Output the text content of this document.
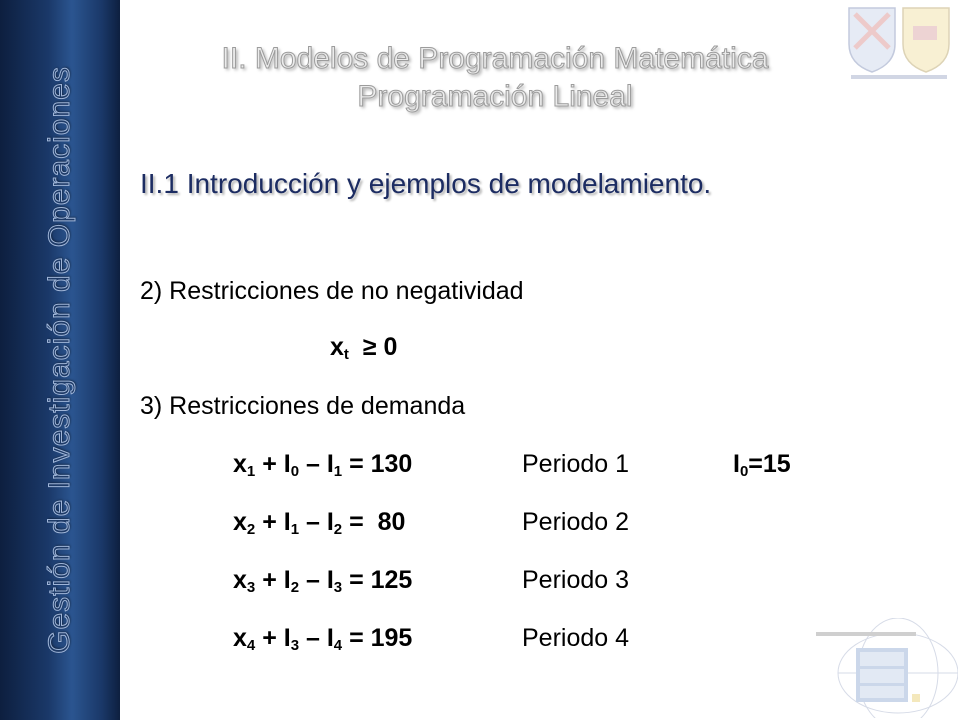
Gestión de Investigación de Operaciones
II. Modelos de Programación Matemática
Programación Lineal
II.1 Introducción y ejemplos de modelamiento.
2) Restricciones de no negatividad
$x_t \ge 0$
3) Restricciones de demanda
$x_1 + I_0 - I_1 = 130$	Periodo 1	$I_0=15$
$x_2 + I_1 - I_2 = 80$	Periodo 2
$x_3 + I_2 - I_3 = 125$	Periodo 3
$x_4 + I_3 - I_4 = 195$	Periodo 4
